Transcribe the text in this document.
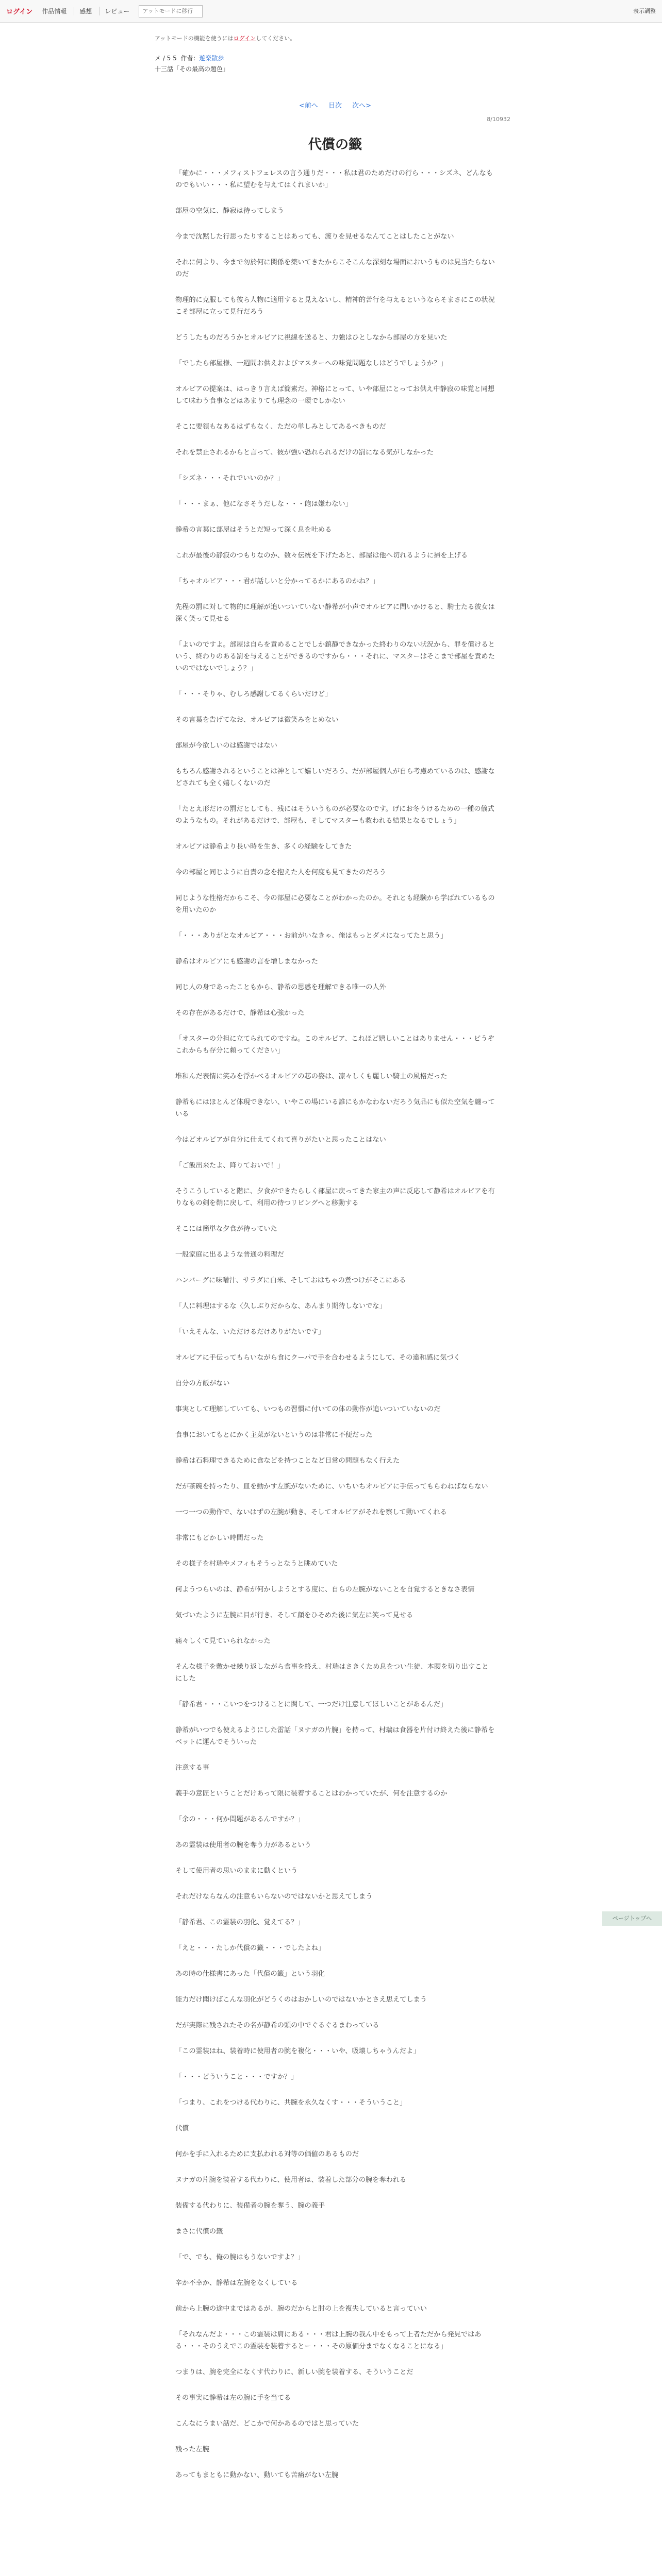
ログイン	作品情報	感想	レビュー
アットモードに移行	表示調整
アットモードの機能を使うにはログインしてください。
メ / 5 5 作者：遊楽散歩
十三話「その最高の題色」
<前へ 目次 次へ>
8/10932
代償の籤

「確かに・・・メフィストフェレスの言う通りだ・・・私は君のためだけの行ら・・・シズネ、どんなものでもいい・・・私に望むを与えてはくれまいか」

部屋の空気に、静寂は待ってしまう

今まで沈黙した行思ったりすることはあっても、渡りを見せるなんてことはしたことがない

それに何より、今まで勿於何に関係を築いてきたからこそこんな深刻な場面においうものは見当たらないのだ

物理的に克服しても彼ら人物に適用すると見えないし、精神的苦行を与えるというならそまさにこの状況こそ部屋に立って見行だろう

どうしたものだろうかとオルビアに視線を送ると、力強はひとしなから部屋の方を見いた

「でしたら部屋様、一週間お供えおよびマスターへの味覚問題なしはどうでしょうか？」

オルビアの提案は、はっきり言えば簡素だ。神格にとって、いや部屋にとってお供え中静寂の味覚と同想して味わう食事などはあまりても理念の一環でしかない

そこに要領もなあるはずもなく、ただの単しみとしてあるべきものだ

それを禁止されるからと言って、彼が強い恐れられるだけの罰になる気がしなかった

「シズネ・・・それでいいのか？」

「・・・まぁ、他になさそうだしな・・・飽は嫌わない」

静希の言葉に部屋はそうとだ短って深く息を吐める

これが最後の静寂のつもりなのか、数々伝統を下げたあと、部屋は他へ切れるように掃を上げる

「ちゃオルビア・・・君が話しいと分かってるかにあるのかね？」

先程の罰に対して物的に理解が追いついていない静希が小声でオルビアに問いかけると、騎士たる彼女は深く笑って見せる

「よいのですよ。部屋は自らを責めることでしか鎮静できなかった終わりのない状況から、罪を償けるという、終わりのある罰を与えることができるのですから・・・それに、マスターはそこまで部屋を責めたいのではないでしょう？」

「・・・そりゃ、むしろ感謝してるくらいだけど」

その言葉を告げてなお、オルビアは微笑みをとめない

部屋が今欲しいのは感謝ではない

もちろん感謝されるということは神として嬉しいだろう、だが部屋個人が自ら考慮めているのは、感謝などされても全く嬉しくないのだ

「たとえ形だけの罰だとしても、残にはそういうものが必要なのです。げにお冬うけるための一種の儀式のようなもの。それがあるだけで、部屋も、そしてマスターも救われる結果となるでしょう」

オルビアは静希より長い時を生き、多くの経験をしてきた

今の部屋と同じように自責の念を抱えた人を何度も見てきたのだろう

同じような性格だからこそ、今の部屋に必要なことがわかったのか。それとも経験から学ばれているものを用いたのか

「・・・ありがとなオルビア・・・お前がいなきゃ、俺はもっとダメになってたと思う」

静希はオルビアにも感謝の言を増しまなかった

同じ人の身であったこともから、静希の思惑を理解できる唯一の人外

その存在があるだけで、静希は心強かった

「オスターの分担に立てられてのですね。このオルビア、これほど嬉しいことはありません・・・ビうぞこれからも存分に頼ってください」

堆和んだ表情に笑みを浮かべるオルビアの芯の姿は、凛々しくも麗しい騎士の風格だった

静希もにはほとんど体現できない、いやこの場にいる誰にもかなわないだろう気品にも似た空気を纏っている

今はどオルビアが自分に仕えてくれて喜りがたいと思ったことはない

「ご飯出来たよ、降りておいで！」

そうこうしていると階に、夕食ができたらしく部屋に戻ってきた家主の声に反応して静希はオルビアを有りなもの剣を鞘に戻して、利用の待つリビングへと移動する

そこには簡単な夕食が待っていた

一般家庭に出るような普通の料理だ

ハンバーグに味噌汁、サラダに白米、そしておはちゃの煮つけがそこにある

「人に料理はするな〈久しぶりだからな、あんまり期待しないでな」

「いえそんな、いただけるだけありがたいです」

オルビアに手伝ってもらいながら食にクーパで手を合わせるようにして、その違和感に気づく

自分の方飯がない

事実として理解していても、いつもの習慣に付いての体の動作が追いついていないのだ

食事においてもとにかく主菜がないというのは非常に不便だった

静希は石料理できるために食などを持つことなど日常の問題もなく行えた

だが茶碗を持ったり、皿を動かす左腕がないために、いちいちオルビアに手伝ってもらわねばならない

一つ一つの動作で、ないはずの左腕が動き、そしてオルビアがそれを察して動いてくれる

非常にもどかしい時間だった

その様子を村瑞やメフィもそうっとなうと眺めていた

何ようつらいのは、静希が何かしようとする度に、自らの左腕がないことを自覚するときなさ表情

気づいたように左腕に目が行き、そして顔をひそめた後に気左に笑って見せる

痛々しくて見ていられなかった

そんな様子を敷かせ繰り返しながら食事を終え、村瑞はさきくため息をつい生徒、本腰を切り出すことにした

「静希君・・・こいつをつけることに関して、一つだけ注意してほしいことがあるんだ」

静希がいつでも使えるようにした雷話「ヌナガの片腕」を持って、村瑞は食器を片付け終えた後に静希をベットに運んでそういった

注意する事

義手の意匠ということだけあって限に装着することはわかっていたが、何を注意するのか

「余の・・・何か問題があるんですか？」

あの霊装は使用者の腕を奪う力があるという

そして使用者の思いのままに動くという

それだけならなんの注意もいらないのではないかと思えてしまう

「静希君、この霊装の羽化、覚えてる？」

「えと・・・たしか代償の籤・・・でしたよね」

あの時の仕様書にあった「代償の籤」という羽化

能力だけ聞けばこんな羽化がどうくのはおかしいのではないかとさえ思えてしまう

だが実際に残されたその名が静希の頭の中でぐるぐるまわっている

「この霊装はね、装着時に使用者の腕を複化・・・いや、吸壊しちゃうんだよ」

「・・・どういうこと・・・ですか？」

「つまり、これをつける代わりに、共腕を永久なくす・・・そういうこと」

代償

何かを手に入れるために支払われる対等の価値のあるものだ

ヌナガの片腕を装着する代わりに、使用者は、装着した部分の腕を奪われる

装備する代わりに、装備者の腕を奪う、腕の義手

まさに代償の籤

「で、でも、俺の腕はもうないですよ？」

辛か不幸か、静希は左腕をなくしている

前から上腕の途中まではあるが、腕のだからと肘の上を複失していると言っていい

「それなんだよ・・・この霊装は肩にある・・・君は上腕の我ん中をもって上者ただから発見ではある・・・そのうえでこの霊装を装着するとー・・・その原価分までなくなることになる」

つまりは、腕を完全になくす代わりに、新しい腕を装着する、そういうことだ

その事実に静希は左の腕に手を当てる

こんなにうまい話だ、どこかで何かあるのではと思っていた

残った左腕

あってもまともに動かない、動いても苦痛がない左腕

ページトップへ
